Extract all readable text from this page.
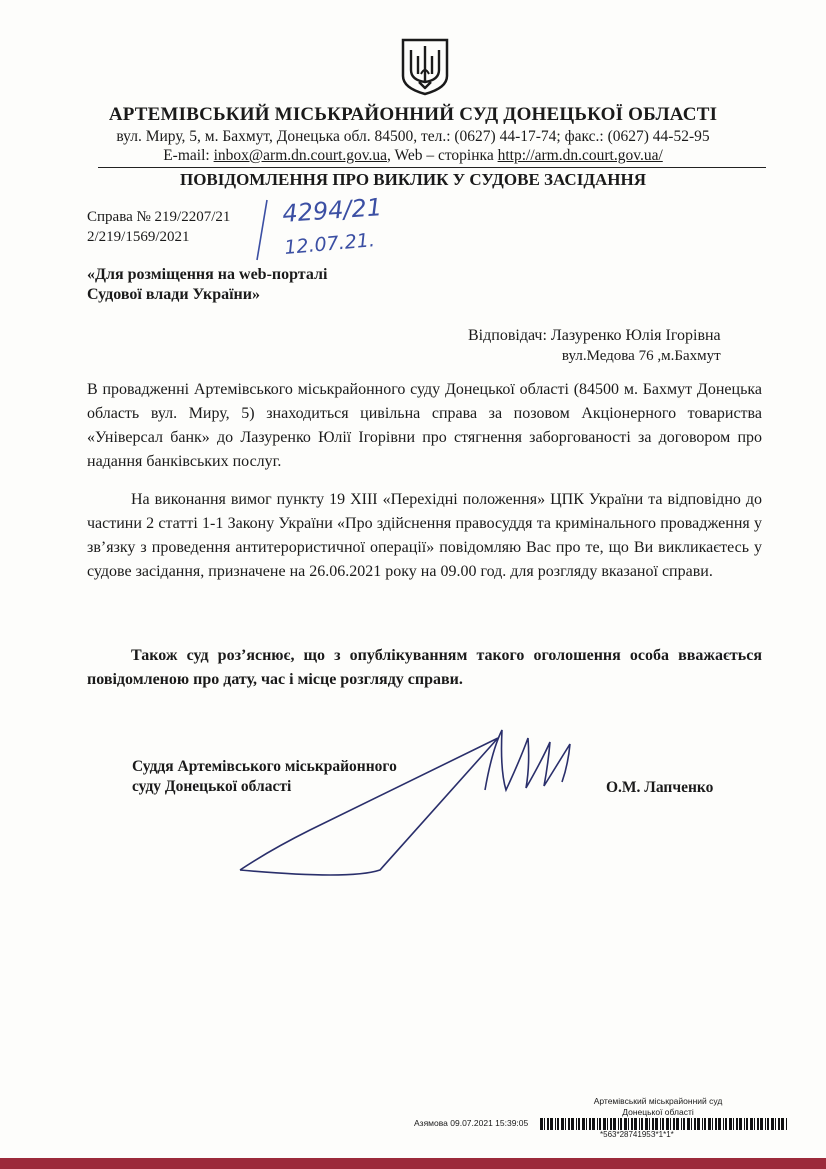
АРТЕМІВСЬКИЙ МІСЬКРАЙОННИЙ СУД ДОНЕЦЬКОЇ ОБЛАСТІ
вул. Миру, 5, м. Бахмут, Донецька обл. 84500, тел.: (0627) 44-17-74; факс.: (0627) 44-52-95
E-mail: inbox@arm.dn.court.gov.ua, Web – сторінка http://arm.dn.court.gov.ua/
ПОВІДОМЛЕННЯ ПРО ВИКЛИК У СУДОВЕ ЗАСІДАННЯ
Справа № 219/2207/21
2/219/1569/2021
4294/21
12.07.21.
«Для розміщення на web-порталі
Судової влади України»
Відповідач: Лазуренко Юлія Ігорівна
вул.Медова 76 ,м.Бахмут
В провадженні Артемівського міськрайонного суду Донецької області (84500 м. Бахмут Донецька область вул. Миру, 5) знаходиться цивільна справа за позовом Акціонерного товариства «Універсал банк» до Лазуренко Юлії Ігорівни про стягнення заборгованості за договором про надання банківських послуг.
На виконання вимог пункту 19 ХІІІ «Перехідні положення» ЦПК України та відповідно до частини 2 статті 1-1 Закону України «Про здійснення правосуддя та кримінального провадження у зв’язку з проведення антитерористичної операції» повідомляю Вас про те, що Ви викликаєтесь у судове засідання, призначене на 26.06.2021 року на 09.00 год. для розгляду вказаної справи.
Також суд роз’яснює, що з опублікуванням такого оголошення особа вважається повідомленою про дату, час і місце розгляду справи.
Суддя Артемівського міськрайонного
суду Донецької області	О.М. Лапченко
Артемівський міськрайонний суд
Донецької області
Азямова 09.07.2021 15:39:05
*563*2874195З*1*1*
